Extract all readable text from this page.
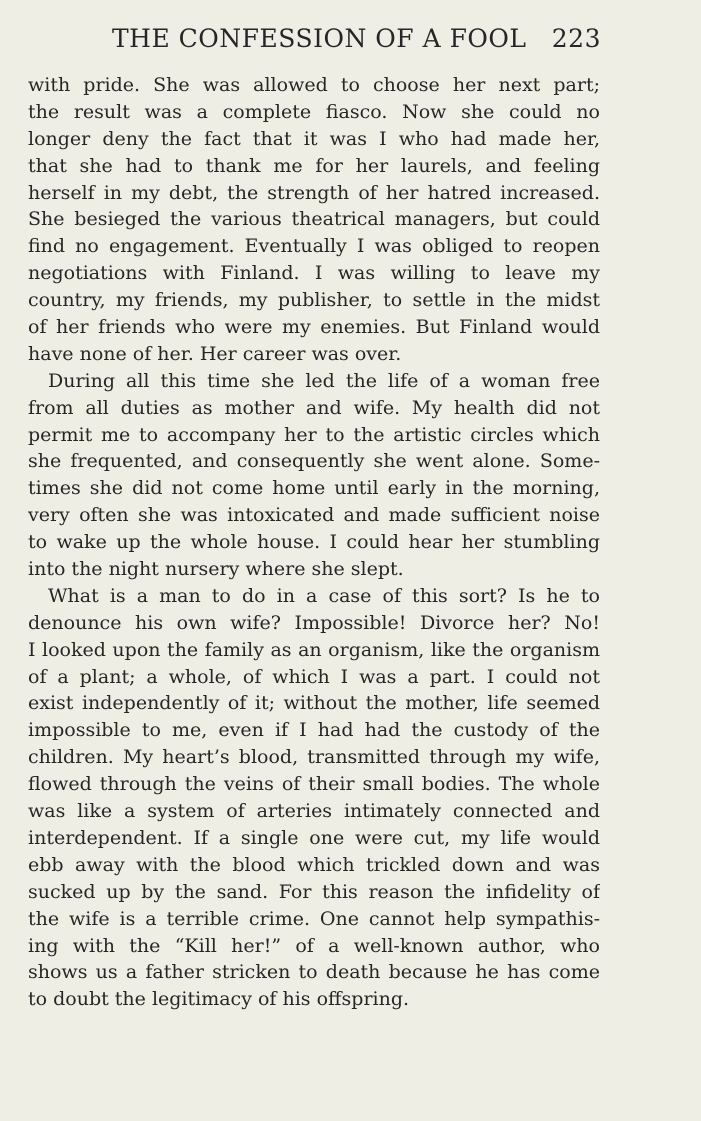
THE CONFESSION OF A FOOL 223
with pride. She was allowed to choose her next part;
the result was a complete fiasco. Now she could no
longer deny the fact that it was I who had made her,
that she had to thank me for her laurels, and feeling
herself in my debt, the strength of her hatred increased.
She besieged the various theatrical managers, but could
find no engagement. Eventually I was obliged to reopen
negotiations with Finland. I was willing to leave my
country, my friends, my publisher, to settle in the midst
of her friends who were my enemies. But Finland would
have none of her. Her career was over.
During all this time she led the life of a woman free
from all duties as mother and wife. My health did not
permit me to accompany her to the artistic circles which
she frequented, and consequently she went alone. Some-
times she did not come home until early in the morning,
very often she was intoxicated and made sufficient noise
to wake up the whole house. I could hear her stumbling
into the night nursery where she slept.
What is a man to do in a case of this sort? Is he to
denounce his own wife? Impossible! Divorce her? No!
I looked upon the family as an organism, like the organism
of a plant; a whole, of which I was a part. I could not
exist independently of it; without the mother, life seemed
impossible to me, even if I had had the custody of the
children. My heart’s blood, transmitted through my wife,
flowed through the veins of their small bodies. The whole
was like a system of arteries intimately connected and
interdependent. If a single one were cut, my life would
ebb away with the blood which trickled down and was
sucked up by the sand. For this reason the infidelity of
the wife is a terrible crime. One cannot help sympathis-
ing with the “Kill her!” of a well-known author, who
shows us a father stricken to death because he has come
to doubt the legitimacy of his offspring.
